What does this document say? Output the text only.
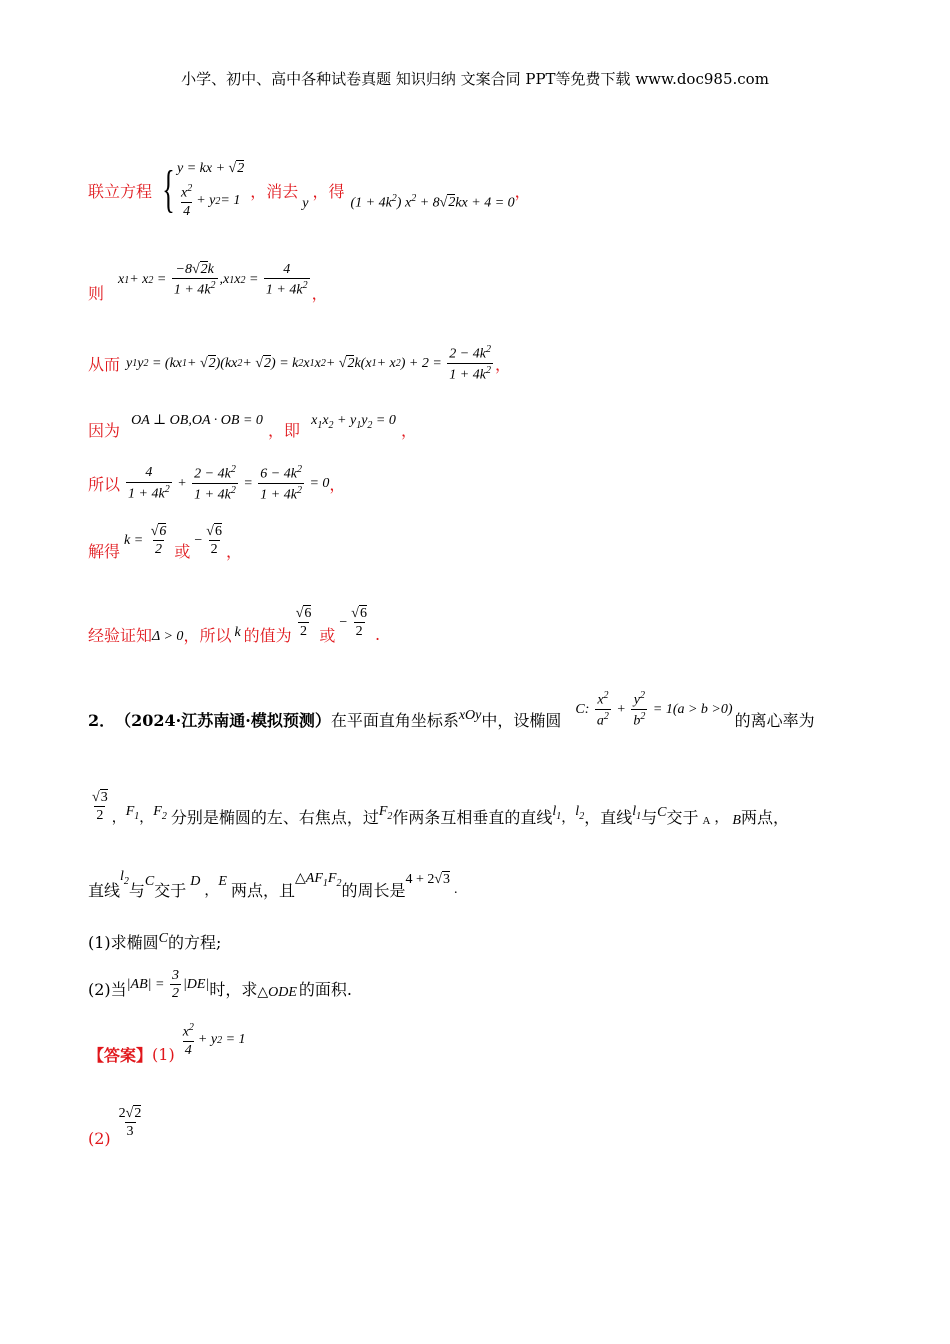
小学、初中、高中各种试卷真题 知识归纳 文案合同 PPT等免费下载 www.doc985.com
联立方程 { y = kx + √2
$\frac{x^2}{4} + y$ 2 = 1 ，消去
y
，得
$(1 + 4k^2)$ $x^2 + 8√2kx + 4 = 0$
，
则
x 1 + x $2 = \frac{-8√2k}{1 + 4k^2}$ , x 1 x $2 = \frac{4}{1 + 4k^2}$ ，
从而 y 1 y 2 = ( kx 1 + √2)( kx 2 + √2) = k 2 x 1 x 2 + √2 k ( x 1 + x 2 ) + $2 = \frac{2 - 4k^2}{1 + 4k^2}$ ，
因为 OA ⊥ OB,OA · OB = 0 ，即 $x_1x_2 + y_1y_2 = 0$ ，
所以 $\frac{4}{1 + 4k^2} + \frac{2 - 4k^2}{1 + 4k^2} = \frac{6 - 4k^2}{1 + 4k^2} = 0$ ，
解得
$k = \frac{√6}{2}$ 或
− $\frac{√6}{2}$ ，
经验证知 Δ > 0 ，所以 k 的值为 $\frac{√6}{2}$ 或
− $\frac{√6}{2}$ .
2． （2024·江苏南通·模拟预测） 在平面直角坐标系 xOy 中，设椭圆
C : $\frac{x^2}{a^2} + \frac{y^2}{b^2} = 1$( a > b > 0)
的离心率为
$\frac{√3}{2}$ ， $F_1$ ， $F_2$ 分别是椭圆的左、右焦点，过 $F_2$ 作两条互相垂直的直线 $l_1$ ， $l_2$ ，直线 $l_1$ 与 C 交于 A ， B 两点，
直线
$l_2$
与 C 交于 D
，
E 两点，且
$\triangle AF_1F_2$ 的周长是
4 + 2√3
.
(1)求椭圆C的方程;
(2)当 | AB | = $\frac{3}{2}$ | DE | 时，求 △ODE 的面积.
【答案】 $(1) \frac{x^2}{4} + y$ 2 = 1
$(2) \frac{2√2}{3}$
